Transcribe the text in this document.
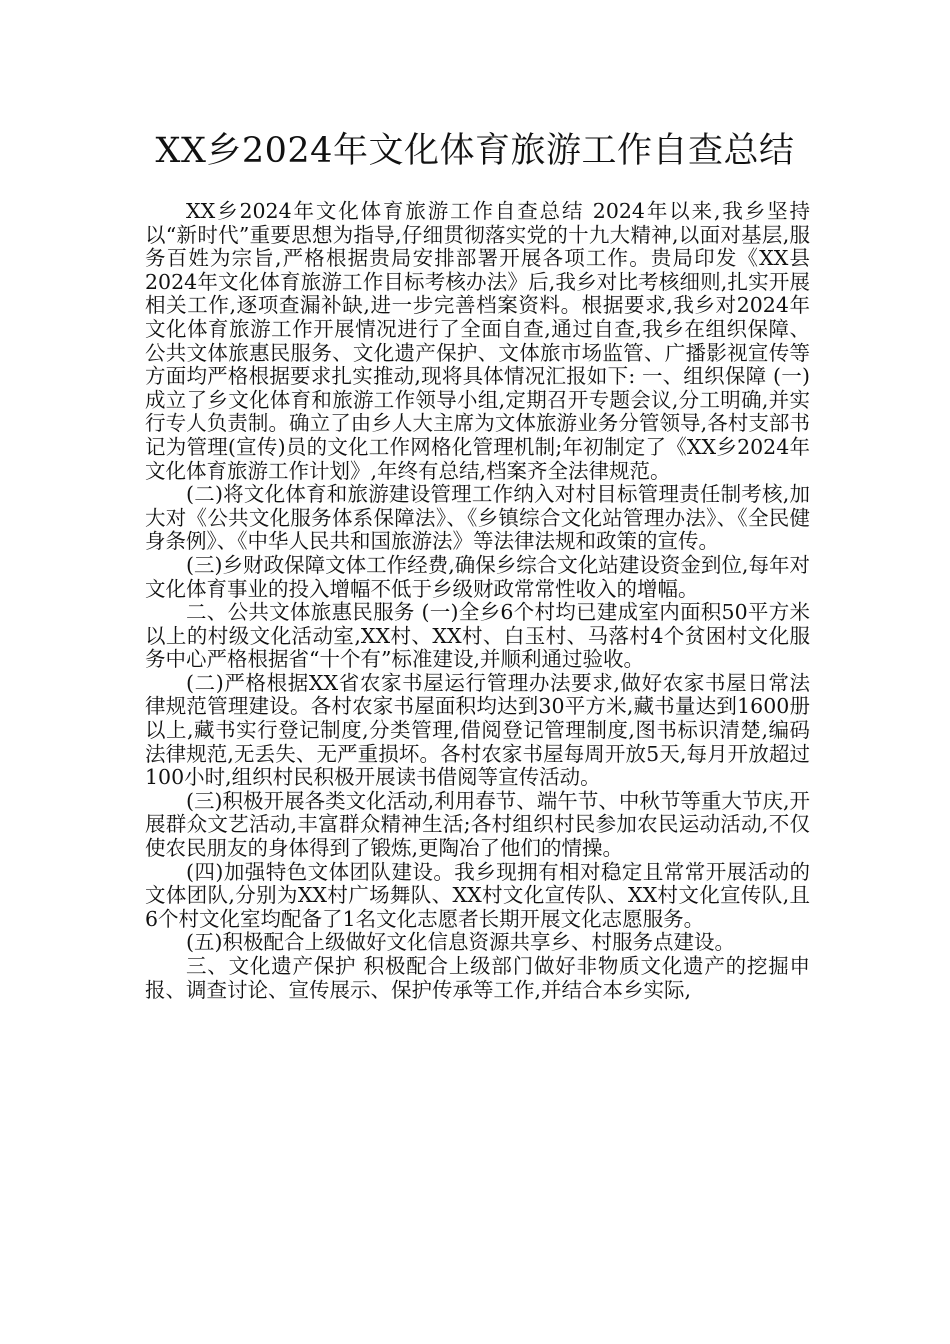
XX乡2024年文化体育旅游工作自查总结

XX乡2024年文化体育旅游工作自查总结 2024年以来,我乡坚持以“新时代”重要思想为指导,仔细贯彻落实党的十九大精神,以面对基层,服务百姓为宗旨,严格根据贵局安排部署开展各项工作。贵局印发《XX县2024年文化体育旅游工作目标考核办法》后,我乡对比考核细则,扎实开展相关工作,逐项查漏补缺,进一步完善档案资料。根据要求,我乡对2024年文化体育旅游工作开展情况进行了全面自查,通过自查,我乡在组织保障、公共文体旅惠民服务、文化遗产保护、文体旅市场监管、广播影视宣传等方面均严格根据要求扎实推动,现将具体情况汇报如下: 一、组织保障 (一)成立了乡文化体育和旅游工作领导小组,定期召开专题会议,分工明确,并实行专人负责制。确立了由乡人大主席为文体旅游业务分管领导,各村支部书记为管理(宣传)员的文化工作网格化管理机制;年初制定了《XX乡2024年文化体育旅游工作计划》,年终有总结,档案齐全法律规范。

(二)将文化体育和旅游建设管理工作纳入对村目标管理责任制考核,加大对《公共文化服务体系保障法》、《乡镇综合文化站管理办法》、《全民健身条例》、《中华人民共和国旅游法》等法律法规和政策的宣传。

(三)乡财政保障文体工作经费,确保乡综合文化站建设资金到位,每年对文化体育事业的投入增幅不低于乡级财政常常性收入的增幅。

二、公共文体旅惠民服务 (一)全乡6个村均已建成室内面积50平方米以上的村级文化活动室,XX村、XX村、白玉村、马落村4个贫困村文化服务中心严格根据省“十个有”标准建设,并顺利通过验收。

(二)严格根据XX省农家书屋运行管理办法要求,做好农家书屋日常法律规范管理建设。各村农家书屋面积均达到30平方米,藏书量达到1600册以上,藏书实行登记制度,分类管理,借阅登记管理制度,图书标识清楚,编码法律规范,无丢失、无严重损坏。各村农家书屋每周开放5天,每月开放超过100小时,组织村民积极开展读书借阅等宣传活动。

(三)积极开展各类文化活动,利用春节、端午节、中秋节等重大节庆,开展群众文艺活动,丰富群众精神生活;各村组织村民参加农民运动活动,不仅使农民朋友的身体得到了锻炼,更陶冶了他们的情操。

(四)加强特色文体团队建设。我乡现拥有相对稳定且常常开展活动的文体团队,分别为XX村广场舞队、XX村文化宣传队、XX村文化宣传队,且6个村文化室均配备了1名文化志愿者长期开展文化志愿服务。

(五)积极配合上级做好文化信息资源共享乡、村服务点建设。

三、文化遗产保护 积极配合上级部门做好非物质文化遗产的挖掘申报、调查讨论、宣传展示、保护传承等工作,并结合本乡实际,
